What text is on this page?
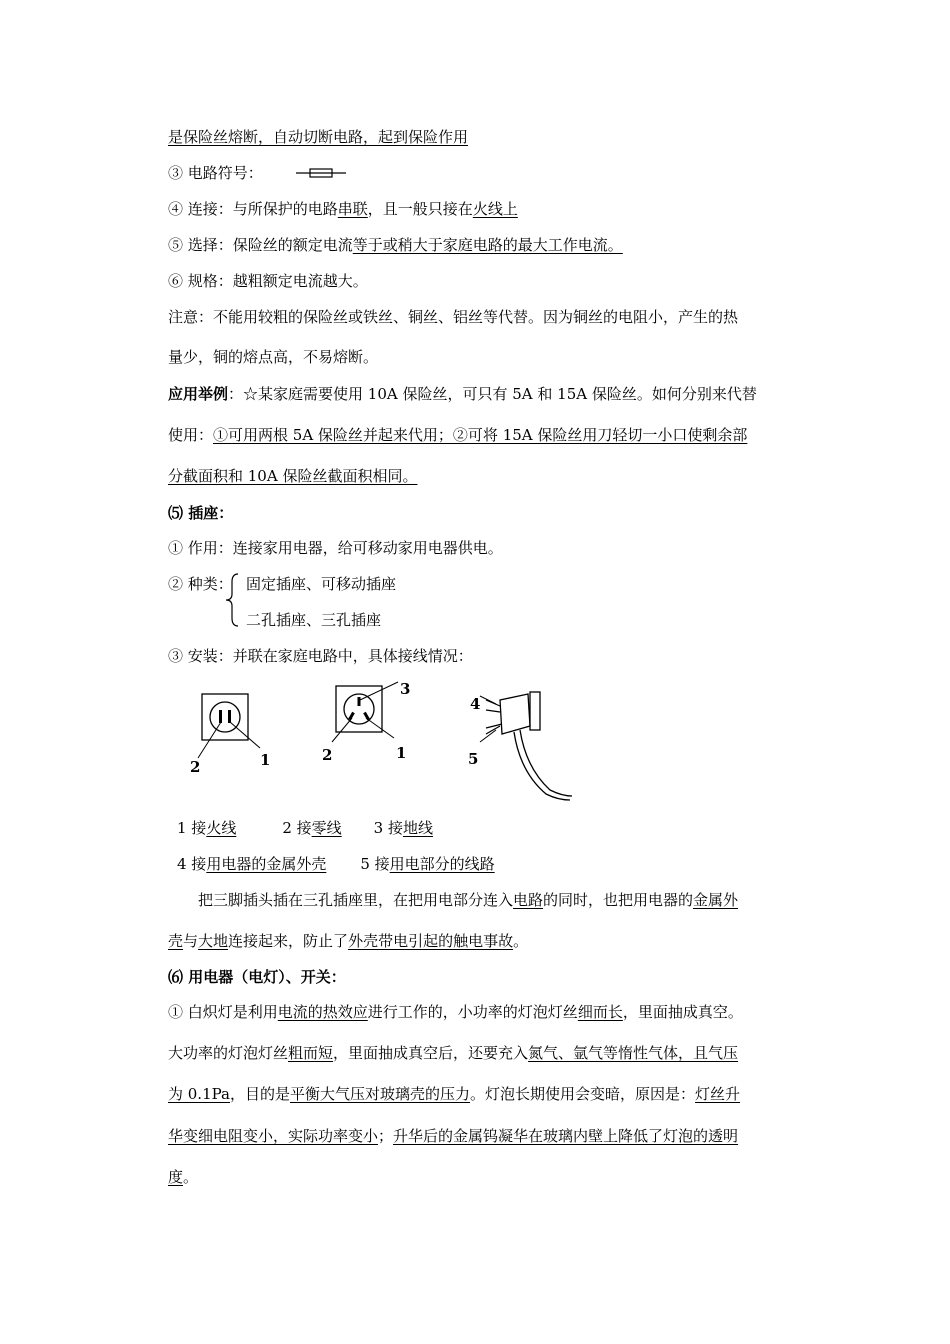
是保险丝熔断，自动切断电路，起到保险作用
③ 电路符号：
④ 连接：与所保护的电路串联，且一般只接在火线上
⑤ 选择：保险丝的额定电流等于或稍大于家庭电路的最大工作电流。
⑥ 规格：越粗额定电流越大。
注意：不能用较粗的保险丝或铁丝、铜丝、铝丝等代替。因为铜丝的电阻小，产生的热
量少，铜的熔点高，不易熔断。
应用举例：☆某家庭需要使用 10A 保险丝，可只有 5A 和 15A 保险丝。如何分别来代替
使用：①可用两根 5A 保险丝并起来代用；②可将 15A 保险丝用刀轻切一小口使剩余部
分截面积和 10A 保险丝截面积相同。
⑸ 插座：
① 作用：连接家用电器，给可移动家用电器供电。
② 种类： 固定插座、可移动插座
二孔插座、三孔插座
③ 安装：并联在家庭电路中，具体接线情况：
2	1
3
2	1
4
5
1 接火线	2 接零线 3 接地线
4 接用电器的金属外壳 5 接用电部分的线路
把三脚插头插在三孔插座里，在把用电部分连入电路的同时，也把用电器的金属外
壳与大地连接起来，防止了外壳带电引起的触电事故。
⑹ 用电器（电灯）、开关：
① 白炽灯是利用电流的热效应进行工作的，小功率的灯泡灯丝细而长，里面抽成真空。
大功率的灯泡灯丝粗而短，里面抽成真空后，还要充入氮气、氩气等惰性气体，且气压
为 0.1Pa，目的是平衡大气压对玻璃壳的压力。灯泡长期使用会变暗，原因是：灯丝升
华变细电阻变小，实际功率变小；升华后的金属钨凝华在玻璃内壁上降低了灯泡的透明
度。
